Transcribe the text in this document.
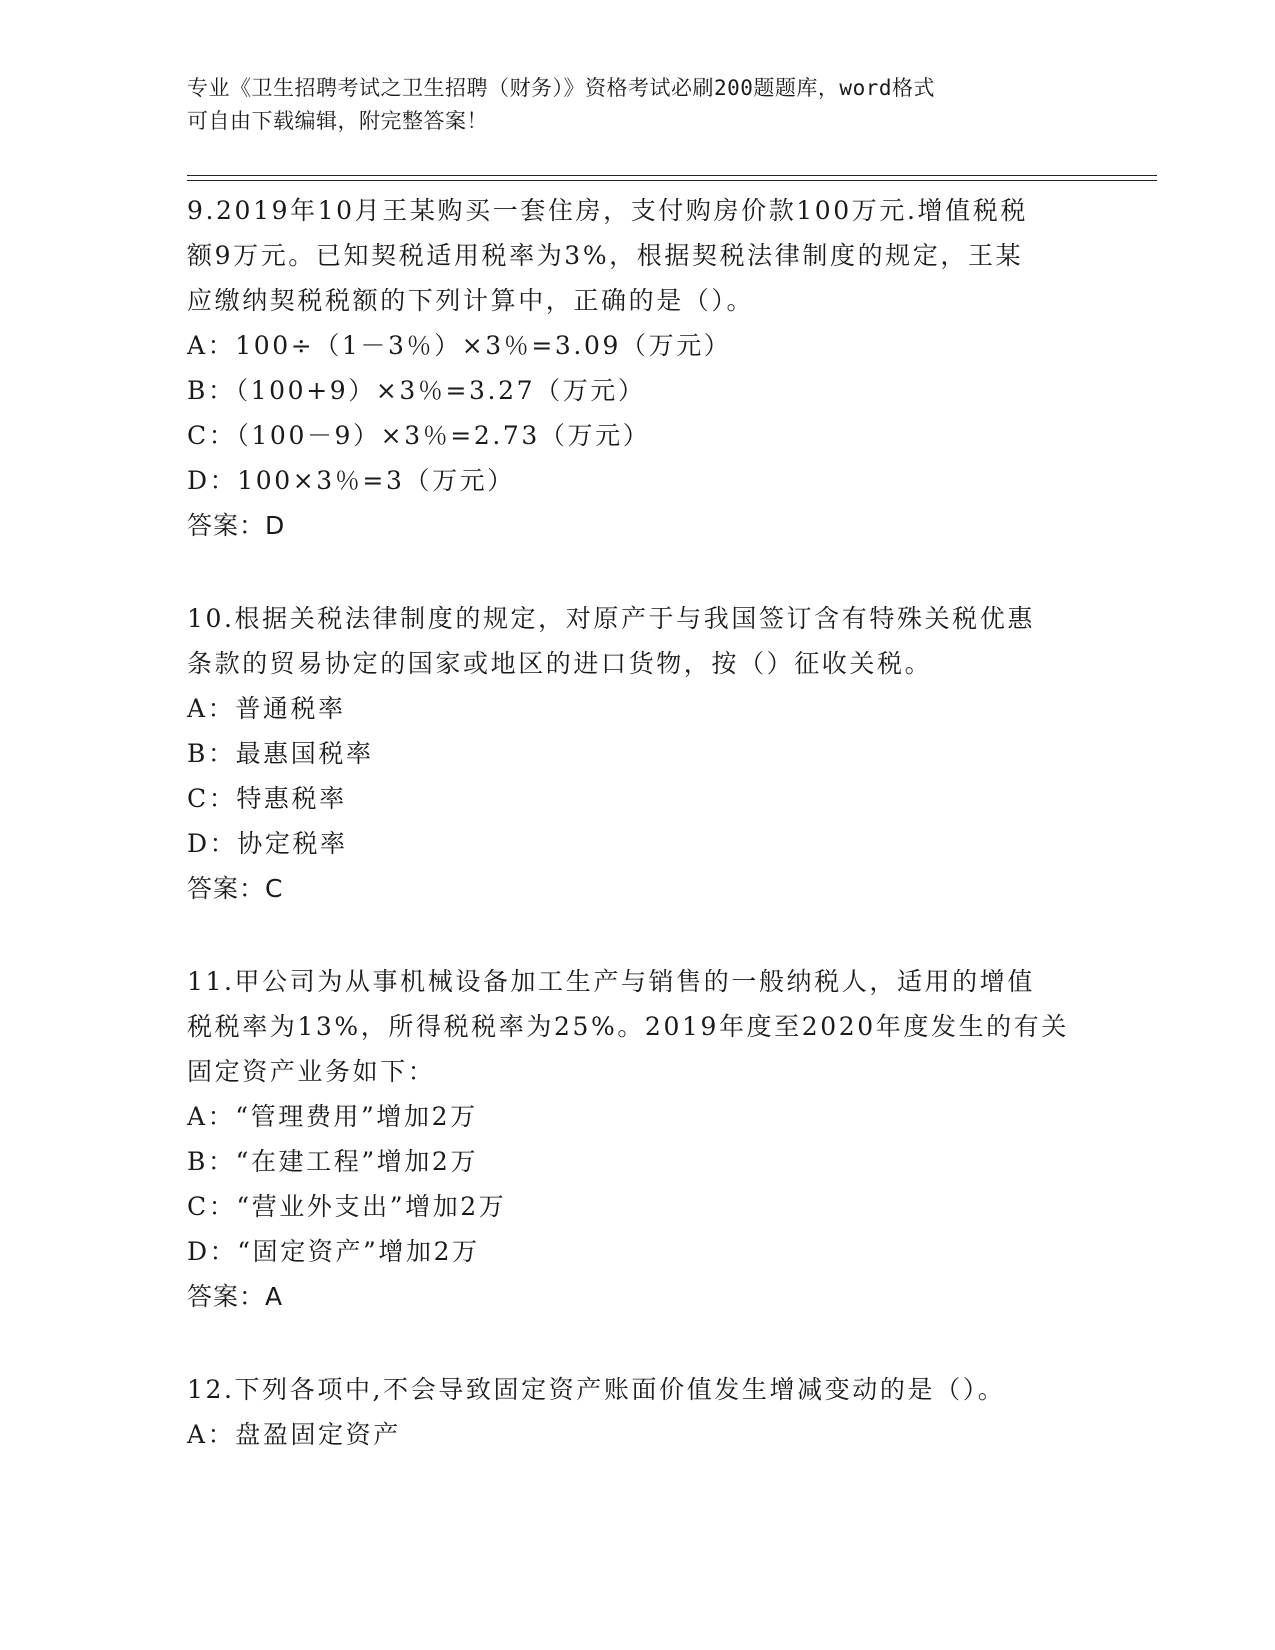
专业《卫生招聘考试之卫生招聘（财务）》资格考试必刷200题题库，word格式
可自由下载编辑，附完整答案！
9.2019年10月王某购买一套住房，支付购房价款100万元.增值税税
额9万元。已知契税适用税率为3%，根据契税法律制度的规定，王某
应缴纳契税税额的下列计算中，正确的是（）。
A：100÷（1－3％）×3％=3.09（万元）
B：（100+9）×3％=3.27（万元）
C：（100－9）×3％=2.73（万元）
D：100×3％=3（万元）
答案：D
10.根据关税法律制度的规定，对原产于与我国签订含有特殊关税优惠
条款的贸易协定的国家或地区的进口货物，按（）征收关税。
A：普通税率
B：最惠国税率
C：特惠税率
D：协定税率
答案：C
11.甲公司为从事机械设备加工生产与销售的一般纳税人，适用的增值
税税率为13%，所得税税率为25%。2019年度至2020年度发生的有关
固定资产业务如下：
A：“管理费用”增加2万
B：“在建工程”增加2万
C：“营业外支出”增加2万
D：“固定资产”增加2万
答案：A
12.下列各项中,不会导致固定资产账面价值发生增减变动的是（）。
A：盘盈固定资产
